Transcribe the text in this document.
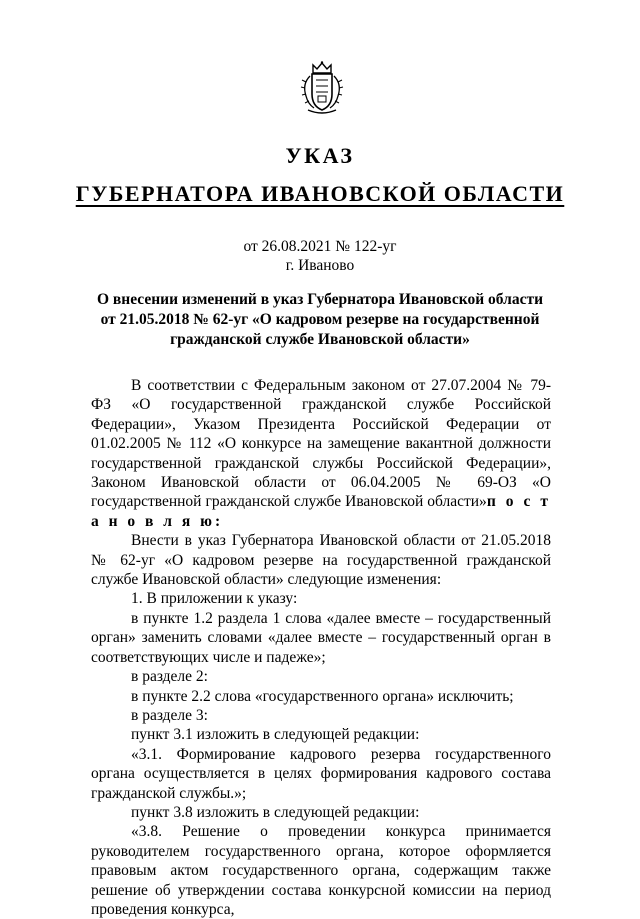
УКАЗ
ГУБЕРНАТОРА ИВАНОВСКОЙ ОБЛАСТИ
от 26.08.2021 № 122-уг
г. Иваново
О внесении изменений в указ Губернатора Ивановской области
от 21.05.2018 № 62-уг «О кадровом резерве на государственной
гражданской службе Ивановской области»

В соответствии с Федеральным законом от 27.07.2004 № 79-ФЗ «О государственной гражданской службе Российской Федерации», Указом Президента Российской Федерации от 01.02.2005 № 112 «О конкурсе на замещение вакантной должности государственной гражданской службы Российской Федерации», Законом Ивановской области от 06.04.2005 № 69-ОЗ «О государственной гражданской службе Ивановской области»п о с т а н о в л я ю:

Внести в указ Губернатора Ивановской области от 21.05.2018 № 62-уг «О кадровом резерве на государственной гражданской службе Ивановской области» следующие изменения:

1. В приложении к указу:

в пункте 1.2 раздела 1 слова «далее вместе – государственный орган» заменить словами «далее вместе – государственный орган в соответствующих числе и падеже»;

в разделе 2:

в пункте 2.2 слова «государственного органа» исключить;

в разделе 3:

пункт 3.1 изложить в следующей редакции:

«3.1. Формирование кадрового резерва государственного органа осуществляется в целях формирования кадрового состава гражданской службы.»;

пункт 3.8 изложить в следующей редакции:

«3.8. Решение о проведении конкурса принимается руководителем государственного органа, которое оформляется правовым актом государственного органа, содержащим также решение об утверждении состава конкурсной комиссии на период проведения конкурса,
